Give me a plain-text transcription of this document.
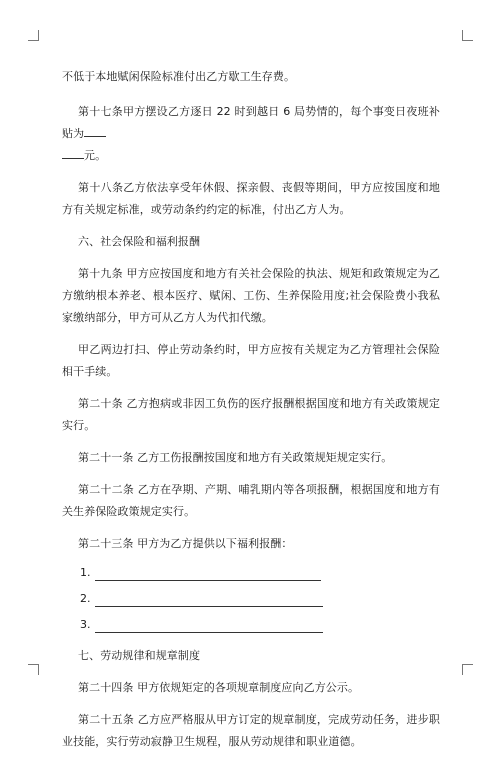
不低于本地赋闲保险标准付出乙方歇工生存费。

第十七条甲方摆设乙方逐日 22 时到越日 6 局势情的，每个事变日夜班补贴为
元。

第十八条乙方依法享受年休假、探亲假、丧假等期间，甲方应按国度和地方有关规定标准，或劳动条约约定的标准，付出乙方人为。

六、社会保险和福利报酬

第十九条 甲方应按国度和地方有关社会保险的执法、规矩和政策规定为乙方缴纳根本养老、根本医疗、赋闲、工伤、生养保险用度;社会保险费小我私家缴纳部分，甲方可从乙方人为代扣代缴。

甲乙两边打扫、停止劳动条约时，甲方应按有关规定为乙方管理社会保险相干手续。

第二十条 乙方抱病或非因工负伤的医疗报酬根据国度和地方有关政策规定实行。

第二十一条 乙方工伤报酬按国度和地方有关政策规矩规定实行。

第二十二条 乙方在孕期、产期、哺乳期内等各项报酬，根据国度和地方有关生养保险政策规定实行。

第二十三条 甲方为乙方提供以下福利报酬：

1.
2.
3.

七、劳动规律和规章制度

第二十四条 甲方依规矩定的各项规章制度应向乙方公示。

第二十五条 乙方应严格服从甲方订定的规章制度，完成劳动任务，进步职业技能，实行劳动寂静卫生规程，服从劳动规律和职业道德。
